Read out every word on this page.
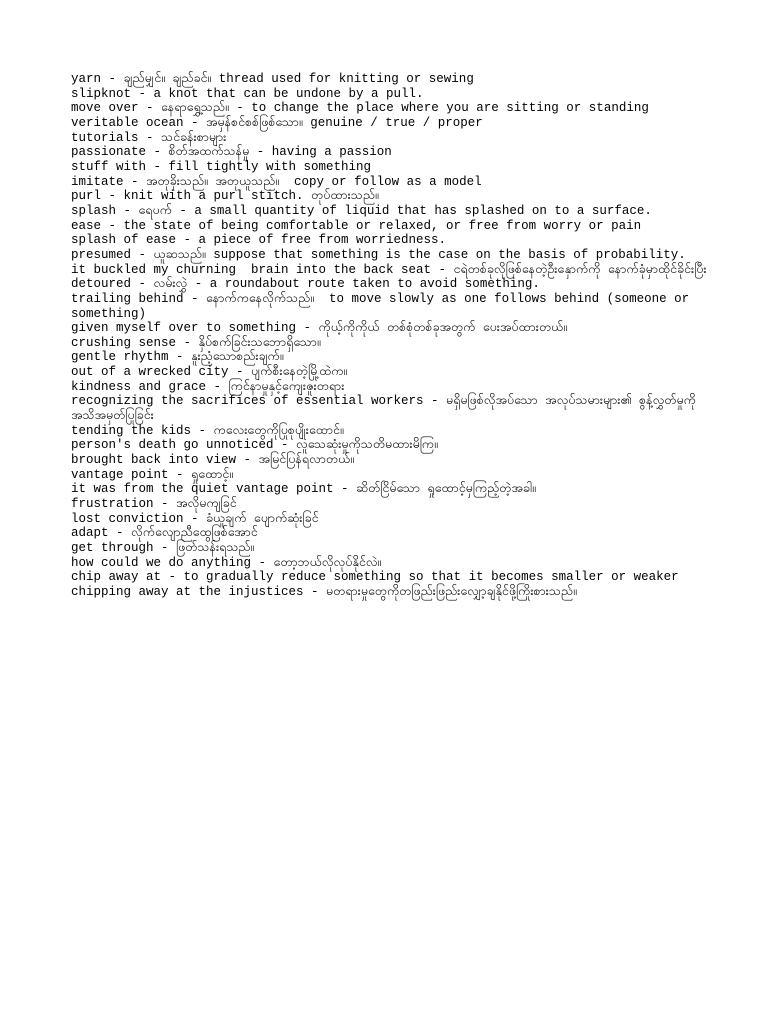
yarn - ချည်မျှင်။ ချည်ခင်။ thread used for knitting or sewing
slipknot - a knot that can be undone by a pull.
move over - နေရာရွှေ့သည်။ - to change the place where you are sitting or standing
veritable ocean - အမှန်စင်စစ်ဖြစ်သော။ genuine / true / proper
tutorials - သင်ခန်းစာများ
passionate - စိတ်အထက်သန်မှု - having a passion
stuff with - fill tightly with something
imitate - အတုခိုးသည်။ အတုယူသည်။  copy or follow as a model
purl - knit with a purl stitch. တုပ်ထားသည်။
splash - ရေပက် - a small quantity of liquid that has splashed on to a surface.
ease - the state of being comfortable or relaxed, or free from worry or pain
splash of ease - a piece of free from worriedness.
presumed - ယူဆသည်။ suppose that something is the case on the basis of probability.
it buckled my churning  brain into the back seat - ငရဲတစ်ခုလိုဖြစ်နေတဲ့ဦးနှောက်ကို နောက်ခုံမှာထိုင်ခိုင်းပြီး
detoured - လမ်းလွှဲ - a roundabout route taken to avoid something.
trailing behind - နောက်ကနေလိုက်သည်။  to move slowly as one follows behind (someone or something)
given myself over to something - ကိုယ့်ကိုကိုယ် တစ်စုံတစ်ခုအတွက် ပေးအပ်ထားတယ်။
crushing sense - နှိပ်စက်ခြင်းသဘောရှိသော။
gentle rhythm - နူးညံ့သောစည်းချက်။
out of a wrecked city - ပျက်စီးနေတဲ့မြို့ထဲက။
kindness and grace - ကြင်နာမှုနှင့်ကျေးဇူးတရား
recognizing the sacrifices of essential workers - မရှိမဖြစ်လိုအပ်သော အလုပ်သမားများ၏ စွန့်လွှတ်မှုကို အသိအမှတ်ပြုခြင်း
tending the kids - ကလေးတွေကိုပြုစုပျိုးထောင်။
person's death go unnoticed - လူသေဆုံးမှုကိုသတိမထားမိကြ။
brought back into view - အမြင်ပြန်ရလာတယ်။
vantage point - ရှုထောင့်။
it was from the quiet vantage point - ဆိတ်ငြိမ်သော ရှုထောင့်မှကြည့်တဲ့အခါ။
frustration - အလိုမကျခြင်
lost conviction - ခံယူချက် ပျောက်ဆုံးခြင်
adapt - လိုက်လျောညီထွေဖြစ်အောင်
get through - ဖြတ်သန်းရသည်။
how could we do anything - တော့ဘယ်လိုလုပ်နိုင်လဲ။
chip away at - to gradually reduce something so that it becomes smaller or weaker
chipping away at the injustices - မတရားမှုတွေကိုတဖြည်းဖြည်းလျှော့ချနိုင်ဖို့ကြိုးစားသည်။
